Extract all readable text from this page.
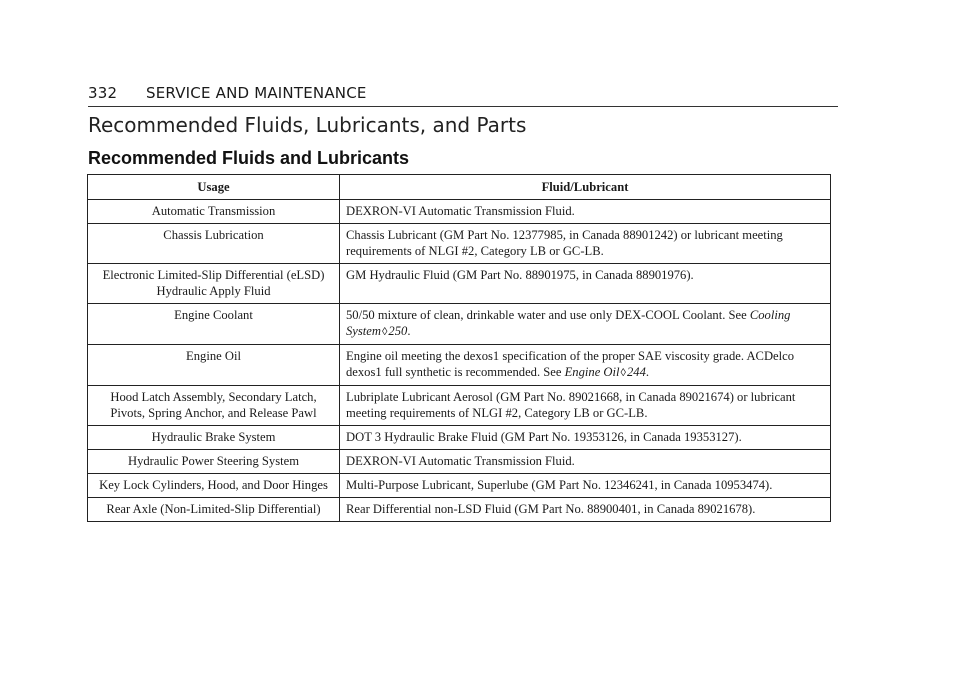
332 SERVICE AND MAINTENANCE
Recommended Fluids, Lubricants, and Parts
Recommended Fluids and Lubricants
Usage	Fluid/Lubricant
Automatic Transmission	DEXRON-VI Automatic Transmission Fluid.
Chassis Lubrication	Chassis Lubricant (GM Part No. 12377985, in Canada 88901242) or lubricant meeting requirements of NLGI #2, Category LB or GC-LB.
Electronic Limited-Slip Differential (eLSD) Hydraulic Apply Fluid	GM Hydraulic Fluid (GM Part No. 88901975, in Canada 88901976).
Engine Coolant	50/50 mixture of clean, drinkable water and use only DEX-COOL Coolant. See Cooling System◊250.
Engine Oil	Engine oil meeting the dexos1 specification of the proper SAE viscosity grade. ACDelco dexos1 full synthetic is recommended. See Engine Oil◊244.
Hood Latch Assembly, Secondary Latch, Pivots, Spring Anchor, and Release Pawl	Lubriplate Lubricant Aerosol (GM Part No. 89021668, in Canada 89021674) or lubricant meeting requirements of NLGI #2, Category LB or GC-LB.
Hydraulic Brake System	DOT 3 Hydraulic Brake Fluid (GM Part No. 19353126, in Canada 19353127).
Hydraulic Power Steering System	DEXRON-VI Automatic Transmission Fluid.
Key Lock Cylinders, Hood, and Door Hinges	Multi-Purpose Lubricant, Superlube (GM Part No. 12346241, in Canada 10953474).
Rear Axle (Non-Limited-Slip Differential)	Rear Differential non-LSD Fluid (GM Part No. 88900401, in Canada 89021678).
